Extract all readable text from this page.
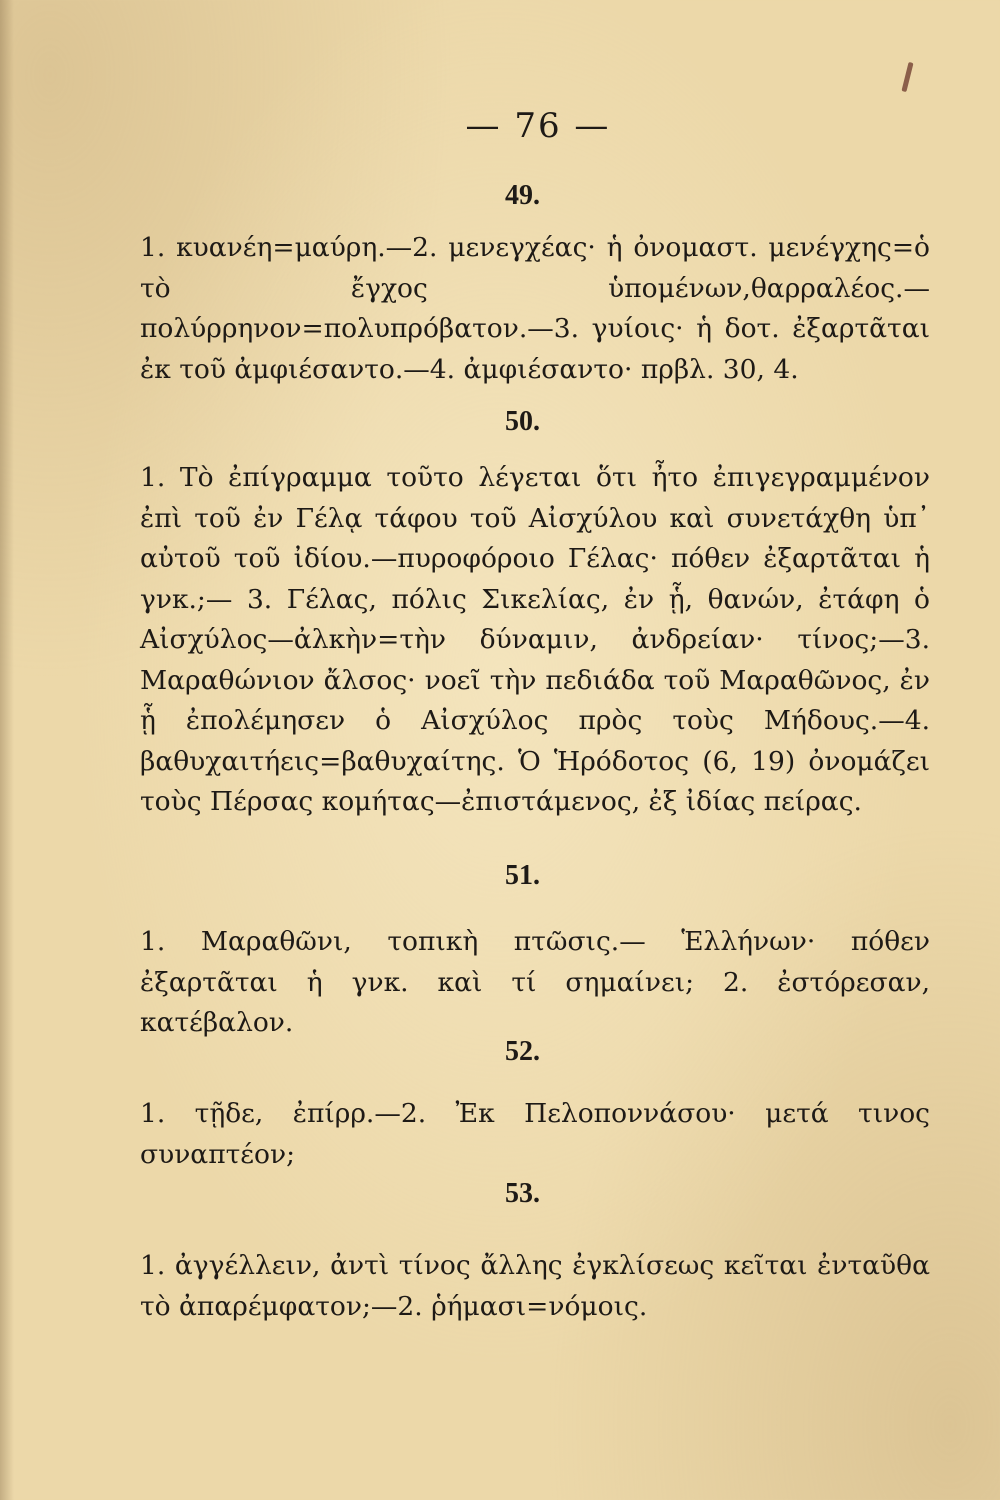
— 76 —
49.
1. κυανέη=μαύρη.—2. μενεγχέας· ἡ ὀνομαστ. μενέγχης=ὁ τὸ ἔγχος ὑπομένων,θαρραλέος.—πολύρρηνον=πολυπρόβατον.—3. γυίοις· ἡ δοτ. ἐξαρτᾶται ἐκ τοῦ ἀμφιέσαντο.—4. ἀμφιέσαντο· πρβλ. 30, 4.
50.
1. Τὸ ἐπίγραμμα τοῦτο λέγεται ὅτι ἦτο ἐπιγεγραμμένον ἐπὶ τοῦ ἐν Γέλᾳ τάφου τοῦ Αἰσχύλου καὶ συνετάχθη ὑπ᾽ αὐτοῦ τοῦ ἰδίου.—πυροφόροιο Γέλας· πόθεν ἐξαρτᾶται ἡ γνκ.;— 3. Γέλας, πόλις Σικελίας, ἐν ᾗ, θανών, ἐτάφη ὁ Αἰσχύλος—ἀλκὴν=τὴν δύναμιν, ἀνδρείαν· τίνος;—3. Μαραθώνιον ἄλσος· νοεῖ τὴν πεδιάδα τοῦ Μαραθῶνος, ἐν ᾗ ἐπολέμησεν ὁ Αἰσχύλος πρὸς τοὺς Μήδους.—4. βαθυχαιτήεις=βαθυχαίτης. Ὁ Ἡρόδοτος (6, 19) ὀνομάζει τοὺς Πέρσας κομήτας—ἐπιστάμενος, ἐξ ἰδίας πείρας.
51.
1. Μαραθῶνι, τοπικὴ πτῶσις.— Ἑλλήνων· πόθεν ἐξαρτᾶται ἡ γνκ. καὶ τί σημαίνει; 2. ἐστόρεσαν, κατέβαλον.
52.
1. τῇδε, ἐπίρρ.—2. Ἐκ Πελοποννάσου· μετά τινος συναπτέον;
53.
1. ἀγγέλλειν, ἀντὶ τίνος ἄλλης ἐγκλίσεως κεῖται ἐνταῦθα τὸ ἀπαρέμφατον;—2. ῥήμασι=νόμοις.
